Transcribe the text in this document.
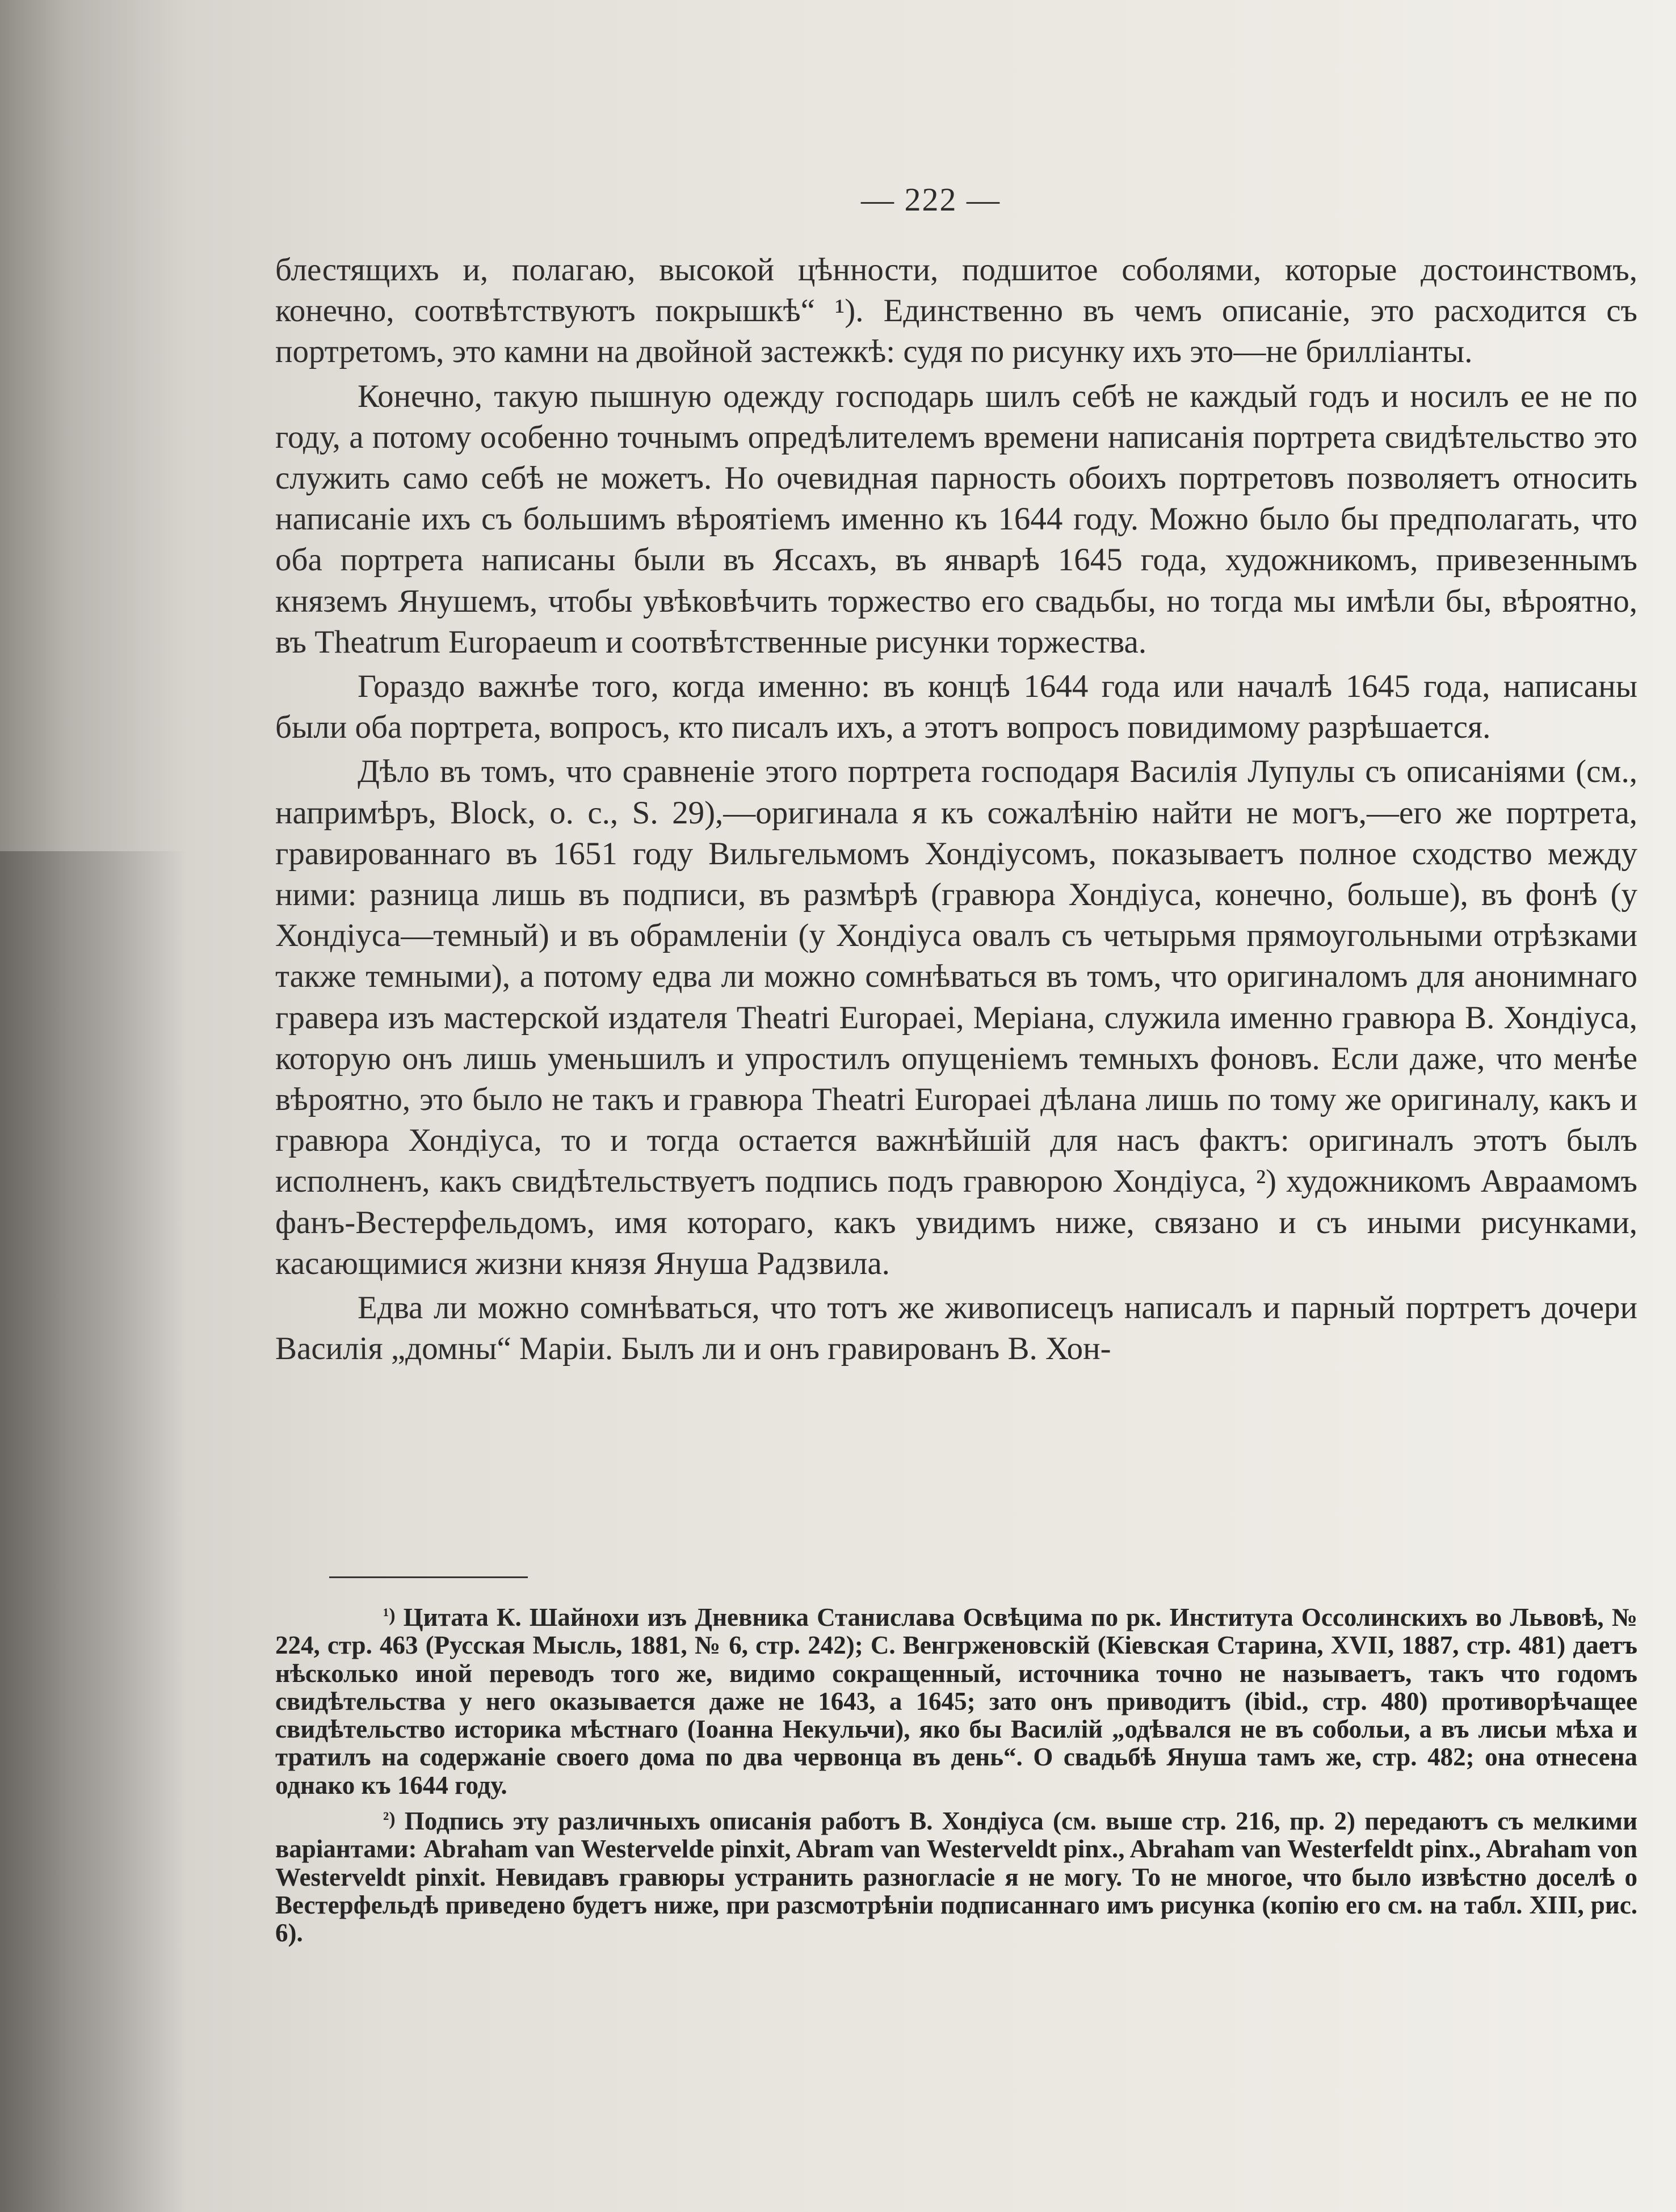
— 222 —

блестящихъ и, полагаю, высокой цѣнности, подшитое соболями, которые достоинствомъ, конечно, соотвѣтствуютъ покрышкѣ“ ¹). Единственно въ чемъ описаніе, это расходится съ портретомъ, это камни на двойной застежкѣ: судя по рисунку ихъ это—не брилліанты.

Конечно, такую пышную одежду господарь шилъ себѣ не каждый годъ и носилъ ее не по году, а потому особенно точнымъ опредѣлителемъ времени написанія портрета свидѣтельство это служить само себѣ не можетъ. Но очевидная парность обоихъ портретовъ позволяетъ относить написаніе ихъ съ большимъ вѣроятіемъ именно къ 1644 году. Можно было бы предполагать, что оба портрета написаны были въ Яссахъ, въ январѣ 1645 года, художникомъ, привезеннымъ княземъ Янушемъ, чтобы увѣковѣчить торжество его свадьбы, но тогда мы имѣли бы, вѣроятно, въ Theatrum Europaeum и соотвѣтственные рисунки торжества.

Гораздо важнѣе того, когда именно: въ концѣ 1644 года или началѣ 1645 года, написаны были оба портрета, вопросъ, кто писалъ ихъ, а этотъ вопросъ повидимому разрѣшается.

Дѣло въ томъ, что сравненіе этого портрета господаря Василія Лупулы съ описаніями (см., напримѣръ, Block, o. c., S. 29),—оригинала я къ сожалѣнію найти не могъ,—его же портрета, гравированнаго въ 1651 году Вильгельмомъ Хондіусомъ, показываетъ полное сходство между ними: разница лишь въ подписи, въ размѣрѣ (гравюра Хондіуса, конечно, больше), въ фонѣ (у Хондіуса—темный) и въ обрамленіи (у Хондіуса овалъ съ четырьмя прямоугольными отрѣзками также темными), а потому едва ли можно сомнѣваться въ томъ, что оригиналомъ для анонимнаго гравера изъ мастерской издателя Theatri Europaei, Меріана, служила именно гравюра В. Хондіуса, которую онъ лишь уменьшилъ и упростилъ опущеніемъ темныхъ фоновъ. Если даже, что менѣе вѣроятно, это было не такъ и гравюра Theatri Europaei дѣлана лишь по тому же оригиналу, какъ и гравюра Хондіуса, то и тогда остается важнѣйшій для насъ фактъ: оригиналъ этотъ былъ исполненъ, какъ свидѣтельствуетъ подпись подъ гравюрою Хондіуса, ²) художникомъ Авраамомъ фанъ-Вестерфельдомъ, имя котораго, какъ увидимъ ниже, связано и съ иными рисунками, касающимися жизни князя Януша Радзвила.

Едва ли можно сомнѣваться, что тотъ же живописецъ написалъ и парный портретъ дочери Василія „домны“ Маріи. Былъ ли и онъ гравированъ В. Хон-

$^{^1)}$ Цитата К. Шайнохи изъ Дневника Станислава Освѣцима по рк. Института Оссолинскихъ во Львовѣ, № 224, стр. 463 (Русская Мысль, 1881, № 6, стр. 242); С. Венгрженовскій (Кіевская Старина, XVII, 1887, стр. 481) даетъ нѣсколько иной переводъ того же, видимо сокращенный, источника точно не называетъ, такъ что годомъ свидѣтельства у него оказывается даже не 1643, а 1645; зато онъ приводитъ (ibid., стр. 480) противорѣчащее свидѣтельство историка мѣстнаго (Іоанна Некульчи), яко бы Василій „одѣвался не въ собольи, а въ лисьи мѣха и тратилъ на содержаніе своего дома по два червонца въ день“. О свадьбѣ Януша тамъ же, стр. 482; она отнесена однако къ 1644 году.

$^{^2)}$ Подпись эту различныхъ описанія работъ В. Хондіуса (см. выше стр. 216, пр. 2) передаютъ съ мелкими варіантами: Abraham van Westervelde pinxit, Abram van Westerveldt pinx., Abraham van Westerfeldt pinx., Abraham von Westerveldt pinxit. Невидавъ гравюры устранить разногласіе я не могу. То не многое, что было извѣстно доселѣ о Вестерфельдѣ приведено будетъ ниже, при разсмотрѣніи подписаннаго имъ рисунка (копію его см. на табл. XIII, рис. 6).
